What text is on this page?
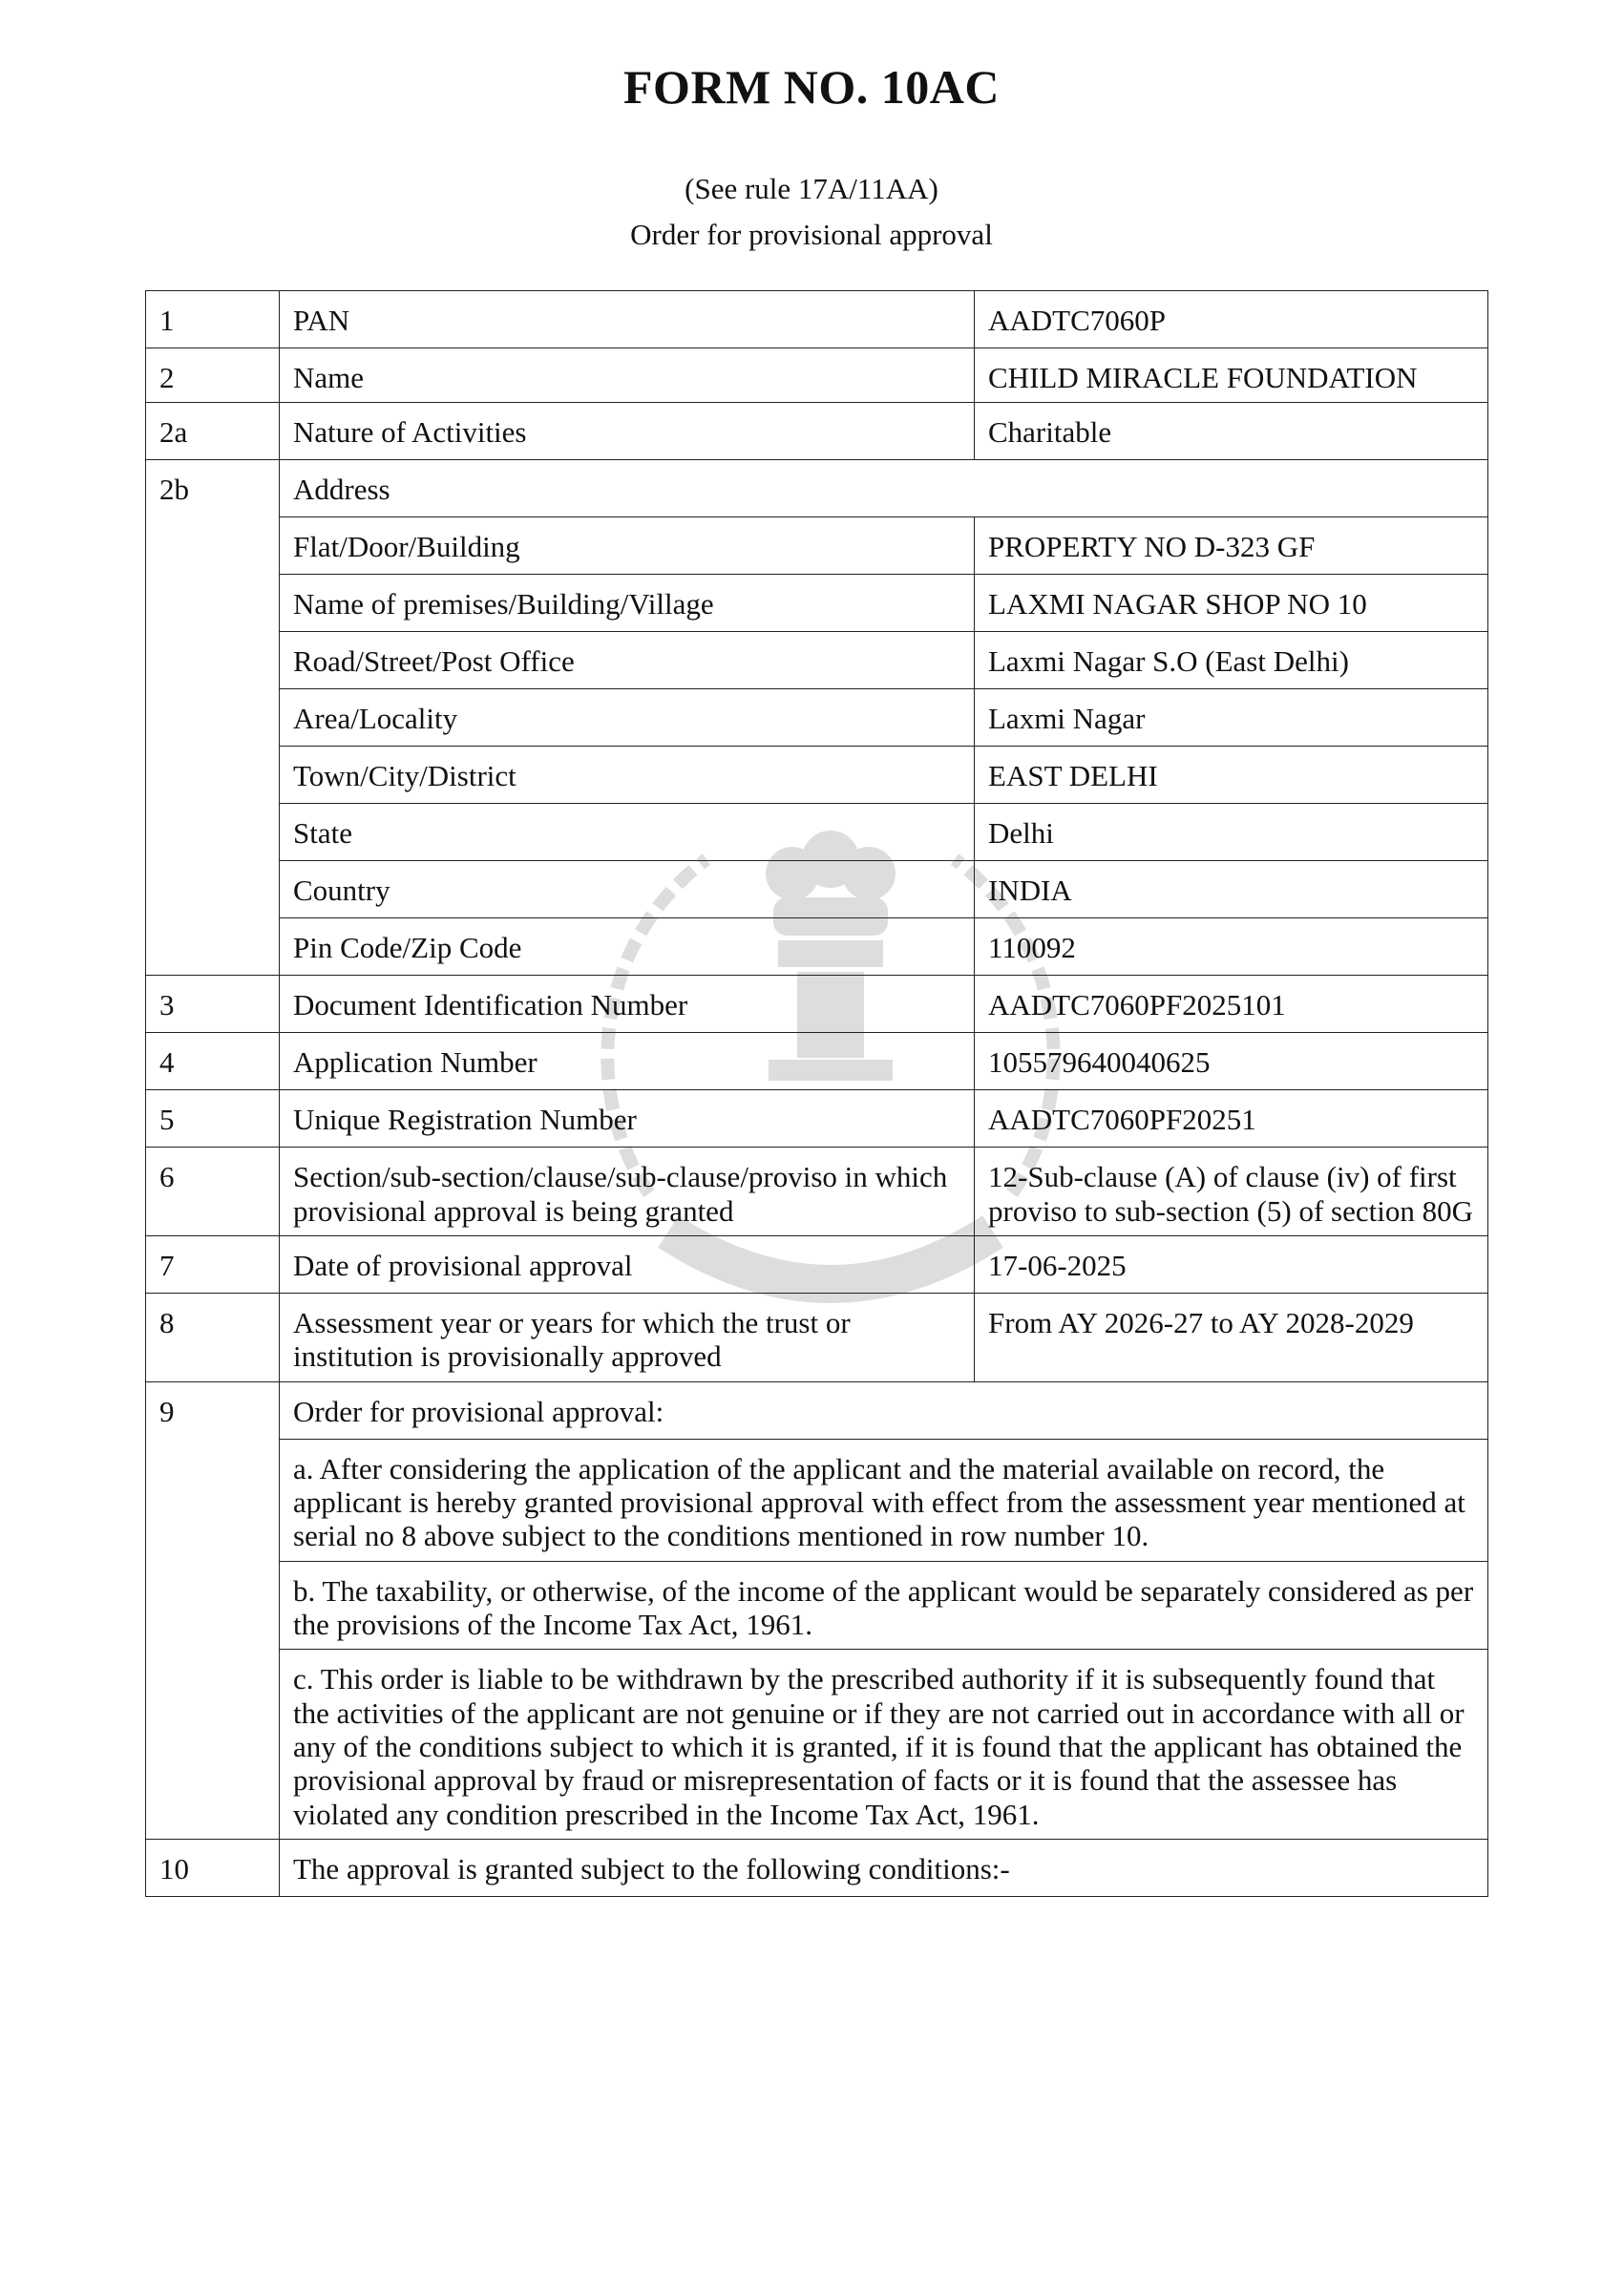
FORM NO. 10AC
(See rule 17A/11AA)
Order for provisional approval
1	PAN	AADTC7060P
2	Name	CHILD MIRACLE FOUNDATION
2a	Nature of Activities	Charitable
2b	Address	
	Flat/Door/Building	PROPERTY NO D-323 GF
	Name of premises/Building/Village	LAXMI NAGAR SHOP NO 10
	Road/Street/Post Office	Laxmi Nagar S.O (East Delhi)
	Area/Locality	Laxmi Nagar
	Town/City/District	EAST DELHI
	State	Delhi
	Country	INDIA
	Pin Code/Zip Code	110092
3	Document Identification Number	AADTC7060PF2025101
4	Application Number	105579640040625
5	Unique Registration Number	AADTC7060PF20251
6	Section/sub-section/clause/sub-clause/proviso in which provisional approval is being granted	12-Sub-clause (A) of clause (iv) of first proviso to sub-section (5) of section 80G
7	Date of provisional approval	17-06-2025
8	Assessment year or years for which the trust or institution is provisionally approved	From AY 2026-27 to AY 2028-2029
9	Order for provisional approval:	
	a. After considering the application of the applicant and the material available on record, the applicant is hereby granted provisional approval with effect from the assessment year mentioned at serial no 8 above subject to the conditions mentioned in row number 10.	
	b. The taxability, or otherwise, of the income of the applicant would be separately considered as per the provisions of the Income Tax Act, 1961.	
	c. This order is liable to be withdrawn by the prescribed authority if it is subsequently found that the activities of the applicant are not genuine or if they are not carried out in accordance with all or any of the conditions subject to which it is granted, if it is found that the applicant has obtained the provisional approval by fraud or misrepresentation of facts or it is found that the assessee has violated any condition prescribed in the Income Tax Act, 1961.	
10	The approval is granted subject to the following conditions:-	
